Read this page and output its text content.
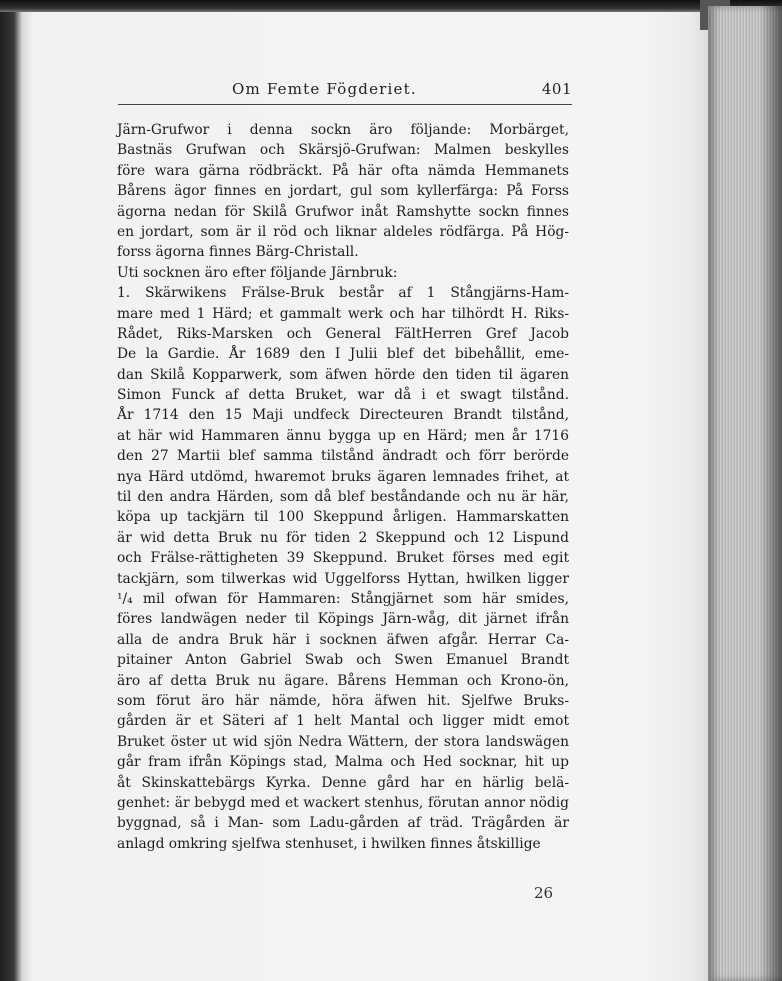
Om Femte Fögderiet.	401
Järn-Grufwor i denna sockn äro följande: Morbärget,
Bastnäs Grufwan och Skärsjö-Grufwan: Malmen beskylles
före wara gärna rödbräckt. På här ofta nämda Hemmanets
Bårens ägor finnes en jordart, gul som kyllerfärga: På Forss
ägorna nedan för Skilå Grufwor inåt Ramshytte sockn finnes
en jordart, som är il röd och liknar aldeles rödfärga. På Hög-
forss ägorna finnes Bärg-Christall.
Uti socknen äro efter följande Järnbruk:
1. Skärwikens Frälse-Bruk består af 1 Stångjärns-Ham-
mare med 1 Härd; et gammalt werk och har tilhördt H. Riks-
Rådet, Riks-Marsken och General FältHerren Gref Jacob
De la Gardie. År 1689 den I Julii blef det bibehållit, eme-
dan Skilå Kopparwerk, som äfwen hörde den tiden til ägaren
Simon Funck af detta Bruket, war då i et swagt tilstånd.
År 1714 den 15 Maji undfeck Directeuren Brandt tilstånd,
at här wid Hammaren ännu bygga up en Härd; men år 1716
den 27 Martii blef samma tilstånd ändradt och förr berörde
nya Härd utdömd, hwaremot bruks ägaren lemnades frihet, at
til den andra Härden, som då blef beståndande och nu är här,
köpa up tackjärn til 100 Skeppund årligen. Hammarskatten
är wid detta Bruk nu för tiden 2 Skeppund och 12 Lispund
och Frälse-rättigheten 39 Skeppund. Bruket förses med egit
tackjärn, som tilwerkas wid Uggelforss Hyttan, hwilken ligger
¹/₄ mil ofwan för Hammaren: Stångjärnet som här smides,
föres landwägen neder til Köpings Järn-wåg, dit järnet ifrån
alla de andra Bruk här i socknen äfwen afgår. Herrar Ca-
pitainer Anton Gabriel Swab och Swen Emanuel Brandt
äro af detta Bruk nu ägare. Bårens Hemman och Krono-ön,
som förut äro här nämde, höra äfwen hit. Sjelfwe Bruks-
gården är et Säteri af 1 helt Mantal och ligger midt emot
Bruket öster ut wid sjön Nedra Wättern, der stora landswägen
går fram ifrån Köpings stad, Malma och Hed socknar, hit up
åt Skinskattebärgs Kyrka. Denne gård har en härlig belä-
genhet: är bebygd med et wackert stenhus, förutan annor nödig
byggnad, så i Man- som Ladu-gården af träd. Trägården är
anlagd omkring sjelfwa stenhuset, i hwilken finnes åtskillige
26
